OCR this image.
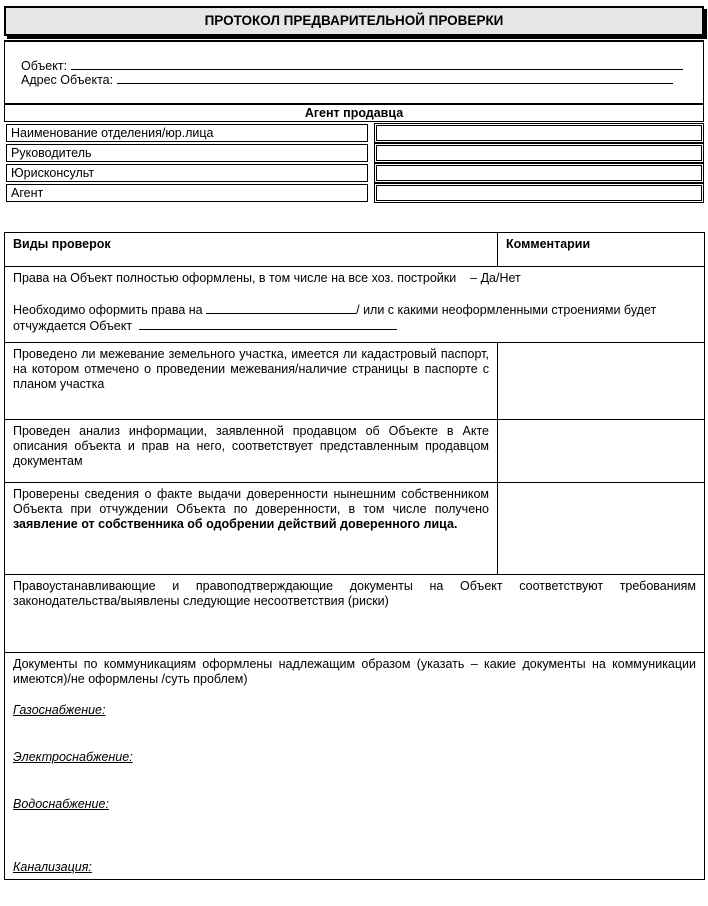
ПРОТОКОЛ ПРЕДВАРИТЕЛЬНОЙ ПРОВЕРКИ
Объект:
Адрес Объекта:
Агент продавца
Наименование отделения/юр.лица
Руководитель
Юрисконсульт
Агент
Виды проверок	Комментарии

Права на Объект полностью оформлены, в том числе на все хоз. постройки – Да/Нет
Необходимо оформить права на / или с какими неоформленными строениями будет
отчуждается Объект	

Проведено ли межевание земельного участка, имеется ли кадастровый паспорт, на котором отмечено о проведении межевания/наличие страницы в паспорте с планом участка	
Проведен анализ информации, заявленной продавцом об Объекте в Акте описания объекта и прав на него, соответствует представленным продавцом документам	
Проверены сведения о факте выдачи доверенности нынешним собственником Объекта при отчуждении Объекта по доверенности, в том числе получено заявление от собственника об одобрении действий доверенного лица.	
Правоустанавливающие и правоподтверждающие документы на Объект соответствуют требованиям законодательства/выявлены следующие несоответствия (риски)	

Документы по коммуникациям оформлены надлежащим образом (указать – какие документы на коммуникации имеются)/не оформлены /суть проблем)
Газоснабжение:
Электроснабжение:
Водоснабжение:
Канализация:	
